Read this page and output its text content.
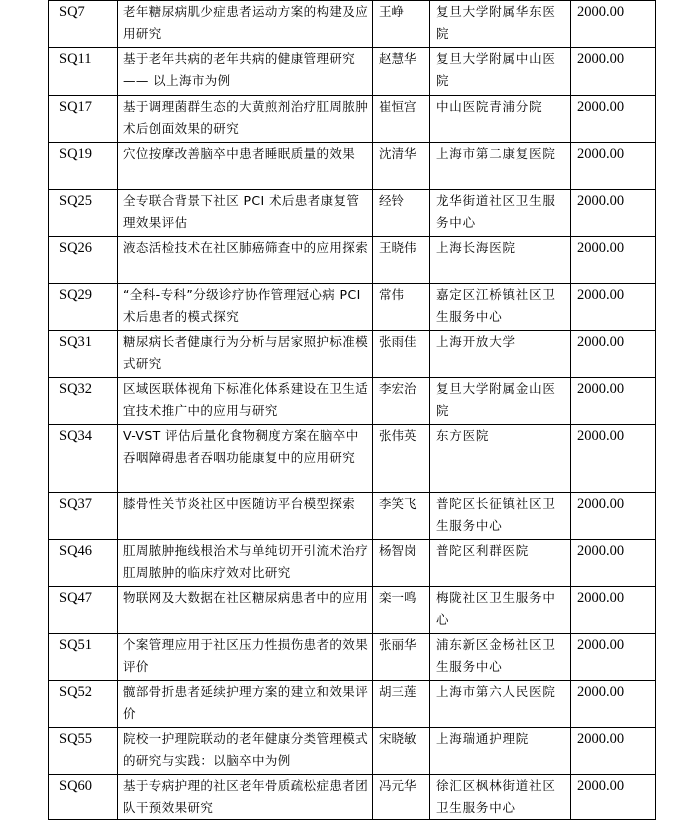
SQ7	老年糖尿病肌少症患者运动方案的构建及应用研究	王峥	复旦大学附属华东医院	2000.00
SQ11	基于老年共病的老年共病的健康管理研究 —— 以上海市为例	赵慧华	复旦大学附属中山医院	2000.00
SQ17	基于调理菌群生态的大黄煎剂治疗肛周脓肿术后创面效果的研究	崔恒宫	中山医院青浦分院	2000.00
SQ19	穴位按摩改善脑卒中患者睡眠质量的效果	沈清华	上海市第二康复医院	2000.00
SQ25	全专联合背景下社区 PCI 术后患者康复管理效果评估	经铃	龙华街道社区卫生服务中心	2000.00
SQ26	液态活检技术在社区肺癌筛查中的应用探索	王晓伟	上海长海医院	2000.00
SQ29	“全科-专科”分级诊疗协作管理冠心病 PCI 术后患者的模式探究	常伟	嘉定区江桥镇社区卫生服务中心	2000.00
SQ31	糖尿病长者健康行为分析与居家照护标准模式研究	张雨佳	上海开放大学	2000.00
SQ32	区域医联体视角下标准化体系建设在卫生适宜技术推广中的应用与研究	李宏治	复旦大学附属金山医院	2000.00
SQ34	V-VST 评估后量化食物稠度方案在脑卒中吞咽障碍患者吞咽功能康复中的应用研究	张伟英	东方医院	2000.00
SQ37	膝骨性关节炎社区中医随访平台模型探索	李笑飞	普陀区长征镇社区卫生服务中心	2000.00
SQ46	肛周脓肿拖线根治术与单纯切开引流术治疗肛周脓肿的临床疗效对比研究	杨智岗	普陀区利群医院	2000.00
SQ47	物联网及大数据在社区糖尿病患者中的应用	栾一鸣	梅陇社区卫生服务中心	2000.00
SQ51	个案管理应用于社区压力性损伤患者的效果评价	张丽华	浦东新区金杨社区卫生服务中心	2000.00
SQ52	髋部骨折患者延续护理方案的建立和效果评价	胡三莲	上海市第六人民医院	2000.00
SQ55	院校一护理院联动的老年健康分类管理模式的研究与实践：以脑卒中为例	宋晓敏	上海瑞通护理院	2000.00
SQ60	基于专病护理的社区老年骨质疏松症患者团队干预效果研究	冯元华	徐汇区枫林街道社区卫生服务中心	2000.00
